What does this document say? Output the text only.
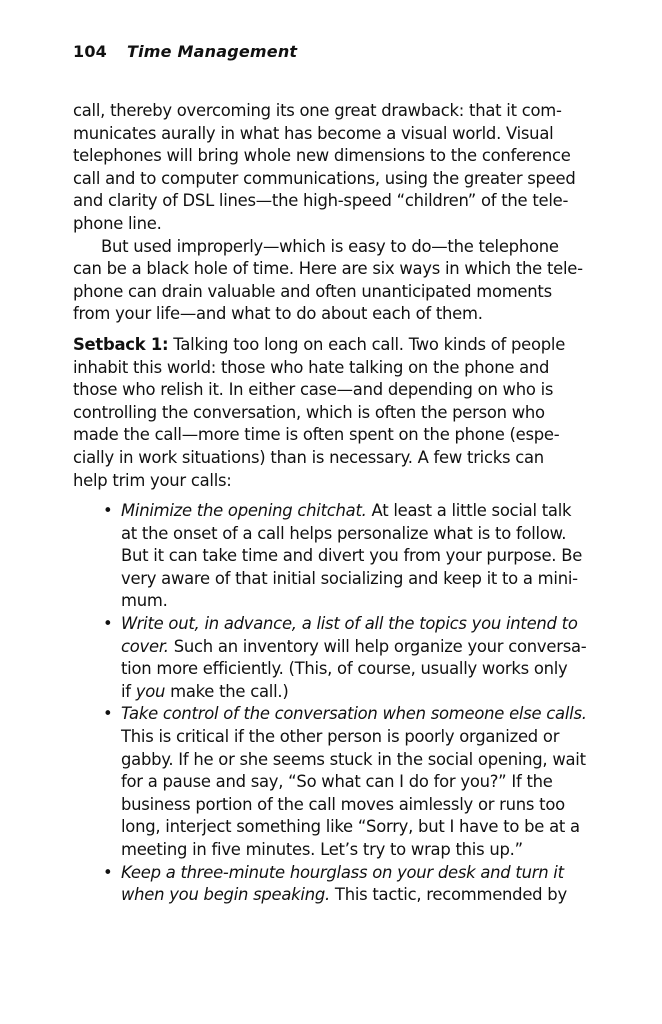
104 Time Management
call, thereby overcoming its one great drawback: that it com-
municates aurally in what has become a visual world. Visual
telephones will bring whole new dimensions to the conference
call and to computer communications, using the greater speed
and clarity of DSL lines—the high-speed “children” of the tele-
phone line.
But used improperly—which is easy to do—the telephone
can be a black hole of time. Here are six ways in which the tele-
phone can drain valuable and often unanticipated moments
from your life—and what to do about each of them.
Setback 1: Talking too long on each call. Two kinds of people
inhabit this world: those who hate talking on the phone and
those who relish it. In either case—and depending on who is
controlling the conversation, which is often the person who
made the call—more time is often spent on the phone (espe-
cially in work situations) than is necessary. A few tricks can
help trim your calls:
• Minimize the opening chitchat. At least a little social talk
at the onset of a call helps personalize what is to follow.
But it can take time and divert you from your purpose. Be
very aware of that initial socializing and keep it to a mini-
mum.
• Write out, in advance, a list of all the topics you intend to
cover. Such an inventory will help organize your conversa-
tion more efficiently. (This, of course, usually works only
if you make the call.)
• Take control of the conversation when someone else calls.
This is critical if the other person is poorly organized or
gabby. If he or she seems stuck in the social opening, wait
for a pause and say, “So what can I do for you?” If the
business portion of the call moves aimlessly or runs too
long, interject something like “Sorry, but I have to be at a
meeting in five minutes. Let’s try to wrap this up.”
• Keep a three-minute hourglass on your desk and turn it
when you begin speaking. This tactic, recommended by
